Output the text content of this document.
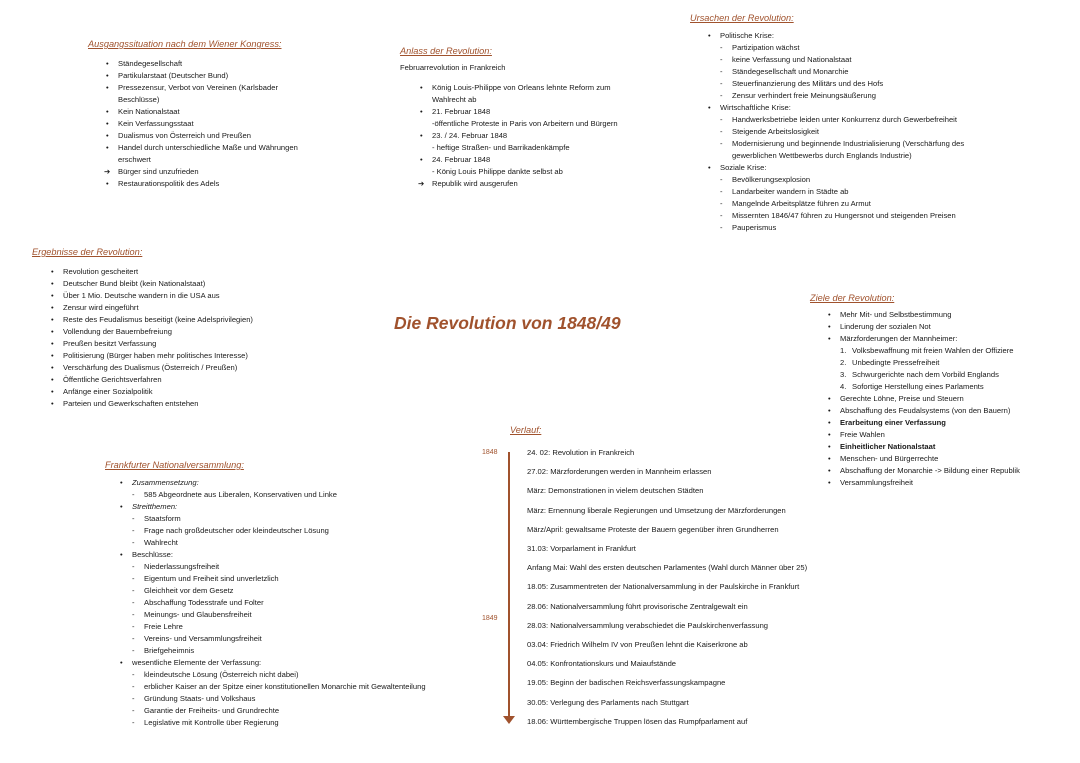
Die Revolution von 1848/49
Ausgangssituation nach dem Wiener Kongress:
• Ständegesellschaft
• Partikularstaat (Deutscher Bund)
• Pressezensur, Verbot von Vereinen (Karlsbader Beschlüsse)
• Kein Nationalstaat
• Kein Verfassungsstaat
• Dualismus von Österreich und Preußen
• Handel durch unterschiedliche Maße und Währungen erschwert
➔ Bürger sind unzufrieden
• Restaurationspolitik des Adels
Anlass der Revolution:
Februarrevolution in Frankreich
• König Louis-Philippe von Orleans lehnte Reform zum Wahlrecht ab
• 21. Februar 1848
-öffentliche Proteste in Paris von Arbeitern und Bürgern
• 23. / 24. Februar 1848
- heftige Straßen- und Barrikadenkämpfe
• 24. Februar 1848
- König Louis Philippe dankte selbst ab
➔ Republik wird ausgerufen
Ursachen der Revolution:
• Politische Krise:
- Partizipation wächst
- keine Verfassung und Nationalstaat
- Ständegesellschaft und Monarchie
- Steuerfinanzierung des Militärs und des Hofs
- Zensur verhindert freie Meinungsäußerung
• Wirtschaftliche Krise:
- Handwerksbetriebe leiden unter Konkurrenz durch Gewerbefreiheit
- Steigende Arbeitslosigkeit
- Modernisierung und beginnende Industrialisierung (Verschärfung des gewerblichen Wettbewerbs durch Englands Industrie)
• Soziale Krise:
- Bevölkerungsexplosion
- Landarbeiter wandern in Städte ab
- Mangelnde Arbeitsplätze führen zu Armut
- Missernten 1846/47 führen zu Hungersnot und steigenden Preisen
- Pauperismus
Ergebnisse der Revolution:
• Revolution gescheitert
• Deutscher Bund bleibt (kein Nationalstaat)
• Über 1 Mio. Deutsche wandern in die USA aus
• Zensur wird eingeführt
• Reste des Feudalismus beseitigt (keine Adelsprivilegien)
• Vollendung der Bauernbefreiung
• Preußen besitzt Verfassung
• Politisierung (Bürger haben mehr politisches Interesse)
• Verschärfung des Dualismus (Österreich / Preußen)
• Öffentliche Gerichtsverfahren
• Anfänge einer Sozialpolitik
• Parteien und Gewerkschaften entstehen
Ziele der Revolution:
• Mehr Mit- und Selbstbestimmung
• Linderung der sozialen Not
• Märzforderungen der Mannheimer:
1. Volksbewaffnung mit freien Wahlen der Offiziere
2. Unbedingte Pressefreiheit
3. Schwurgerichte nach dem Vorbild Englands
4. Sofortige Herstellung eines Parlaments
• Gerechte Löhne, Preise und Steuern
• Abschaffung des Feudalsystems (von den Bauern)
• Erarbeitung einer Verfassung
• Freie Wahlen
• Einheitlicher Nationalstaat
• Menschen- und Bürgerrechte
• Abschaffung der Monarchie -> Bildung einer Republik
• Versammlungsfreiheit
Frankfurter Nationalversammlung:
• Zusammensetzung:
- 585 Abgeordnete aus Liberalen, Konservativen und Linke
• Streitthemen:
- Staatsform
- Frage nach großdeutscher oder kleindeutscher Lösung
- Wahlrecht
• Beschlüsse:
- Niederlassungsfreiheit
- Eigentum und Freiheit sind unverletzlich
- Gleichheit vor dem Gesetz
- Abschaffung Todesstrafe und Folter
- Meinungs- und Glaubensfreiheit
- Freie Lehre
- Vereins- und Versammlungsfreiheit
- Briefgeheimnis
• wesentliche Elemente der Verfassung:
- kleindeutsche Lösung (Österreich nicht dabei)
- erblicher Kaiser an der Spitze einer konstitutionellen Monarchie mit Gewaltenteilung
- Gründung Staats- und Volkshaus
- Garantie der Freiheits- und Grundrechte
- Legislative mit Kontrolle über Regierung
Verlauf:
1848
1849
24. 02: Revolution in Frankreich
27.02: Märzforderungen werden in Mannheim erlassen
März: Demonstrationen in vielem deutschen Städten
März: Ernennung liberale Regierungen und Umsetzung der Märzforderungen
März/April: gewaltsame Proteste der Bauern gegenüber ihren Grundherren
31.03: Vorparlament in Frankfurt
Anfang Mai: Wahl des ersten deutschen Parlamentes (Wahl durch Männer über 25)
18.05: Zusammentreten der Nationalversammlung in der Paulskirche in Frankfurt
28.06: Nationalversammlung führt provisorische Zentralgewalt ein
28.03: Nationalversammlung verabschiedet die Paulskirchenverfassung
03.04: Friedrich Wilhelm IV von Preußen lehnt die Kaiserkrone ab
04.05: Konfrontationskurs und Maiaufstände
19.05: Beginn der badischen Reichsverfassungskampagne
30.05: Verlegung des Parlaments nach Stuttgart
18.06: Württembergische Truppen lösen das Rumpfparlament auf
